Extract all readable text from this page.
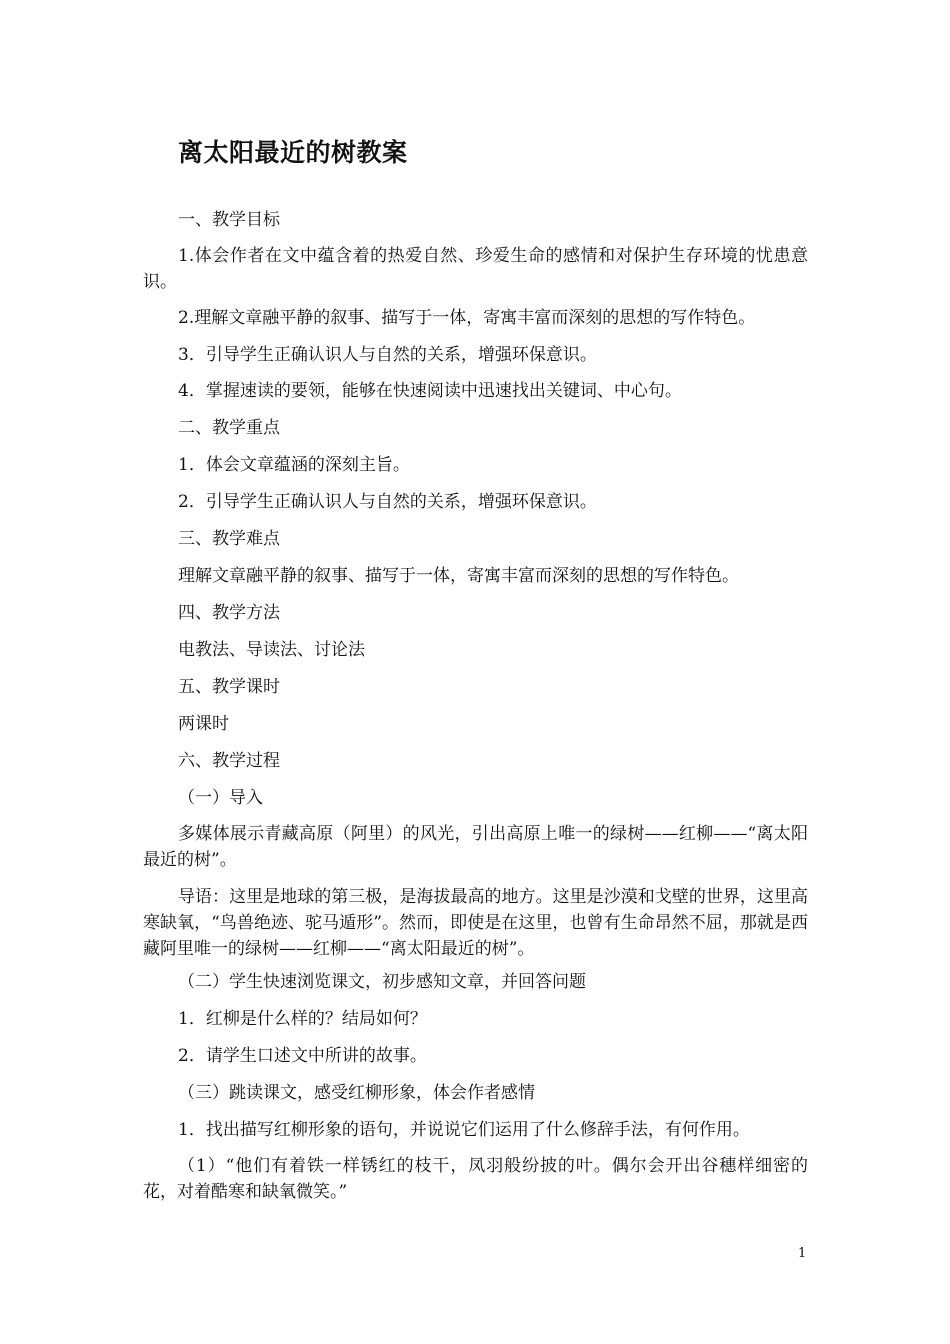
离太阳最近的树教案
一、教学目标
1.体会作者在文中蕴含着的热爱自然、珍爱生命的感情和对保护生存环境的忧患意识。
2.理解文章融平静的叙事、描写于一体，寄寓丰富而深刻的思想的写作特色。
3．引导学生正确认识人与自然的关系，增强环保意识。
4．掌握速读的要领，能够在快速阅读中迅速找出关键词、中心句。
二、教学重点
1．体会文章蕴涵的深刻主旨。
2．引导学生正确认识人与自然的关系，增强环保意识。
三、教学难点
理解文章融平静的叙事、描写于一体，寄寓丰富而深刻的思想的写作特色。
四、教学方法
电教法、导读法、讨论法
五、教学课时
两课时
六、教学过程
（一）导入
多媒体展示青藏高原（阿里）的风光，引出高原上唯一的绿树——红柳——“离太阳最近的树”。
导语：这里是地球的第三极，是海拔最高的地方。这里是沙漠和戈壁的世界，这里高寒缺氧，“鸟兽绝迹、驼马遁形”。然而，即使是在这里，也曾有生命昂然不屈，那就是西藏阿里唯一的绿树——红柳——“离太阳最近的树”。
（二）学生快速浏览课文，初步感知文章，并回答问题
1．红柳是什么样的？结局如何？
2．请学生口述文中所讲的故事。
（三）跳读课文，感受红柳形象，体会作者感情
1．找出描写红柳形象的语句，并说说它们运用了什么修辞手法，有何作用。
（1）“他们有着铁一样锈红的枝干，凤羽般纷披的叶。偶尔会开出谷穗样细密的花，对着酷寒和缺氧微笑。”
1
